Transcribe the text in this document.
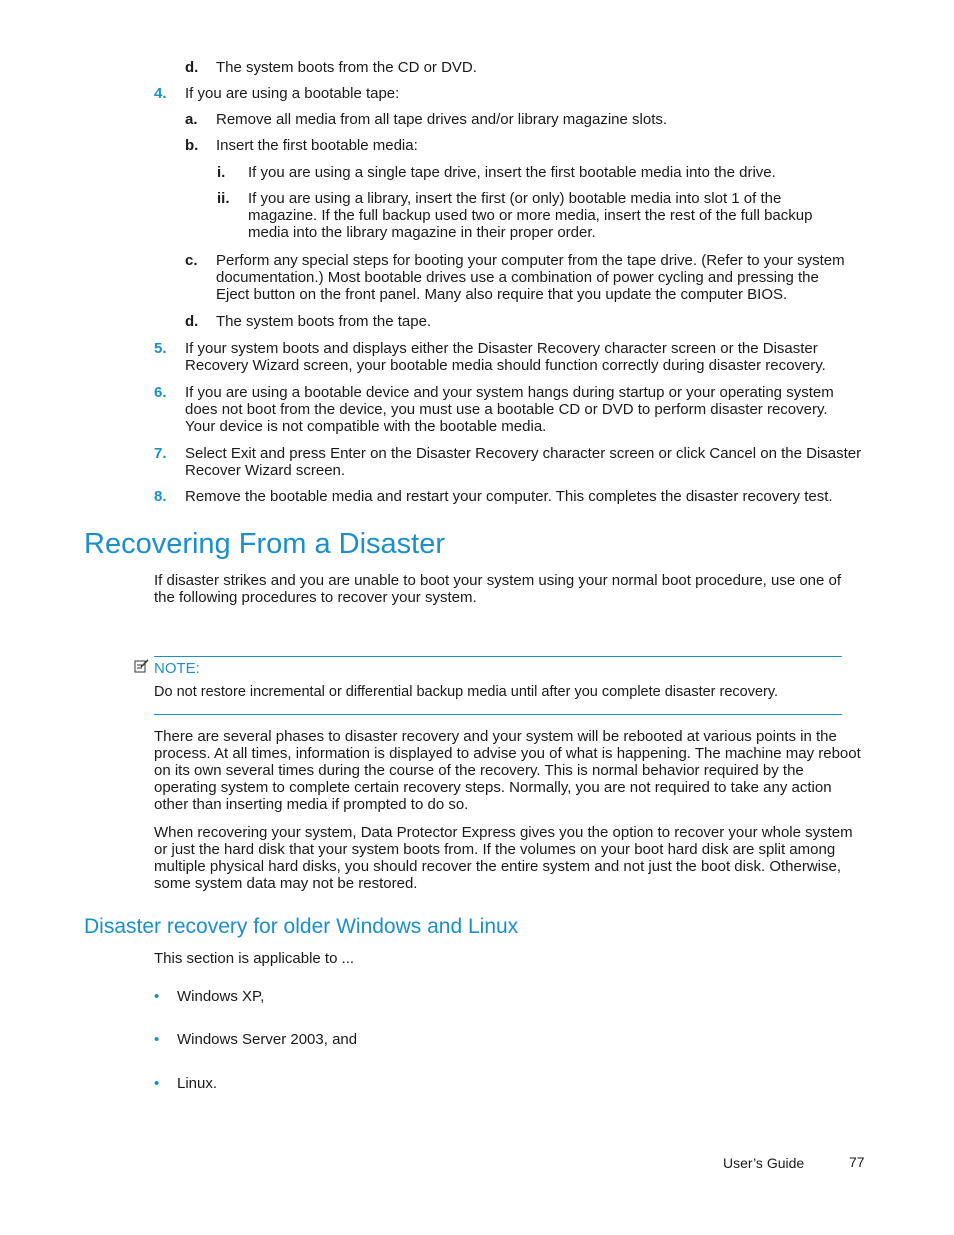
d. The system boots from the CD or DVD.
4. If you are using a bootable tape:
a. Remove all media from all tape drives and/or library magazine slots.
b. Insert the first bootable media:
i. If you are using a single tape drive, insert the first bootable media into the drive.
ii. If you are using a library, insert the first (or only) bootable media into slot 1 of the magazine. If the full backup used two or more media, insert the rest of the full backup media into the library magazine in their proper order.
c. Perform any special steps for booting your computer from the tape drive. (Refer to your system documentation.) Most bootable drives use a combination of power cycling and pressing the Eject button on the front panel. Many also require that you update the computer BIOS.
d. The system boots from the tape.
5. If your system boots and displays either the Disaster Recovery character screen or the Disaster Recovery Wizard screen, your bootable media should function correctly during disaster recovery.
6. If you are using a bootable device and your system hangs during startup or your operating system does not boot from the device, you must use a bootable CD or DVD to perform disaster recovery. Your device is not compatible with the bootable media.
7. Select Exit and press Enter on the Disaster Recovery character screen or click Cancel on the Disaster Recover Wizard screen.
8. Remove the bootable media and restart your computer. This completes the disaster recovery test.
Recovering From a Disaster
If disaster strikes and you are unable to boot your system using your normal boot procedure, use one of the following procedures to recover your system.
NOTE:
Do not restore incremental or differential backup media until after you complete disaster recovery.
There are several phases to disaster recovery and your system will be rebooted at various points in the process. At all times, information is displayed to advise you of what is happening. The machine may reboot on its own several times during the course of the recovery. This is normal behavior required by the operating system to complete certain recovery steps. Normally, you are not required to take any action other than inserting media if prompted to do so.
When recovering your system, Data Protector Express gives you the option to recover your whole system or just the hard disk that your system boots from. If the volumes on your boot hard disk are split among multiple physical hard disks, you should recover the entire system and not just the boot disk. Otherwise, some system data may not be restored.
Disaster recovery for older Windows and Linux
This section is applicable to ...
• Windows XP,
• Windows Server 2003, and
• Linux.
User’s Guide	77
